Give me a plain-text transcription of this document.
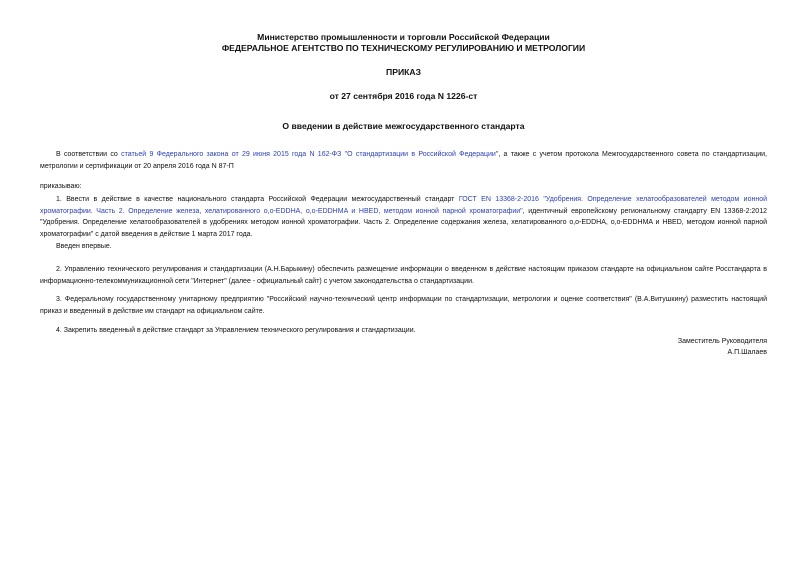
Министерство промышленности и торговли Российской Федерации
ФЕДЕРАЛЬНОЕ АГЕНТСТВО ПО ТЕХНИЧЕСКОМУ РЕГУЛИРОВАНИЮ И МЕТРОЛОГИИ
ПРИКАЗ
от 27 сентября 2016 года N 1226-ст
О введении в действие межгосударственного стандарта

В соответствии со статьей 9 Федерального закона от 29 июня 2015 года N 162-ФЗ "О стандартизации в Российской Федерации", а также с учетом протокола Межгосударственного совета по стандартизации, метрологии и сертификации от 20 апреля 2016 года N 87-П

приказываю:

1. Ввести в действие в качестве национального стандарта Российской Федерации межгосударственный стандарт ГОСТ EN 13368-2-2016 "Удобрения. Определение хелатообразователей методом ионной хроматографии. Часть 2. Определение железа, хелатированного o,o-EDDHA, o,o-EDDHMA и HBED, методом ионной парной хроматографии", идентичный европейскому региональному стандарту EN 13368-2:2012 "Удобрения. Определение хелатообразователей в удобрениях методом ионной хроматографии. Часть 2. Определение содержания железа, хелатированного o,o-EDDHA, o,o-EDDHMA и HBED, методом ионной парной хроматографии" с датой введения в действие 1 марта 2017 года.

Введен впервые.

2. Управлению технического регулирования и стандартизации (А.Н.Барыкину) обеспечить размещение информации о введенном в действие настоящим приказом стандарте на официальном сайте Росстандарта в информационно-телекоммуникационной сети "Интернет" (далее - официальный сайт) с учетом законодательства о стандартизации.

3. Федеральному государственному унитарному предприятию "Российский научно-технический центр информации по стандартизации, метрологии и оценке соответствия" (В.А.Витушкину) разместить настоящий приказ и введенный в действие им стандарт на официальном сайте.

4. Закрепить введенный в действие стандарт за Управлением технического регулирования и стандартизации.

Заместитель Руководителя
А.П.Шалаев
